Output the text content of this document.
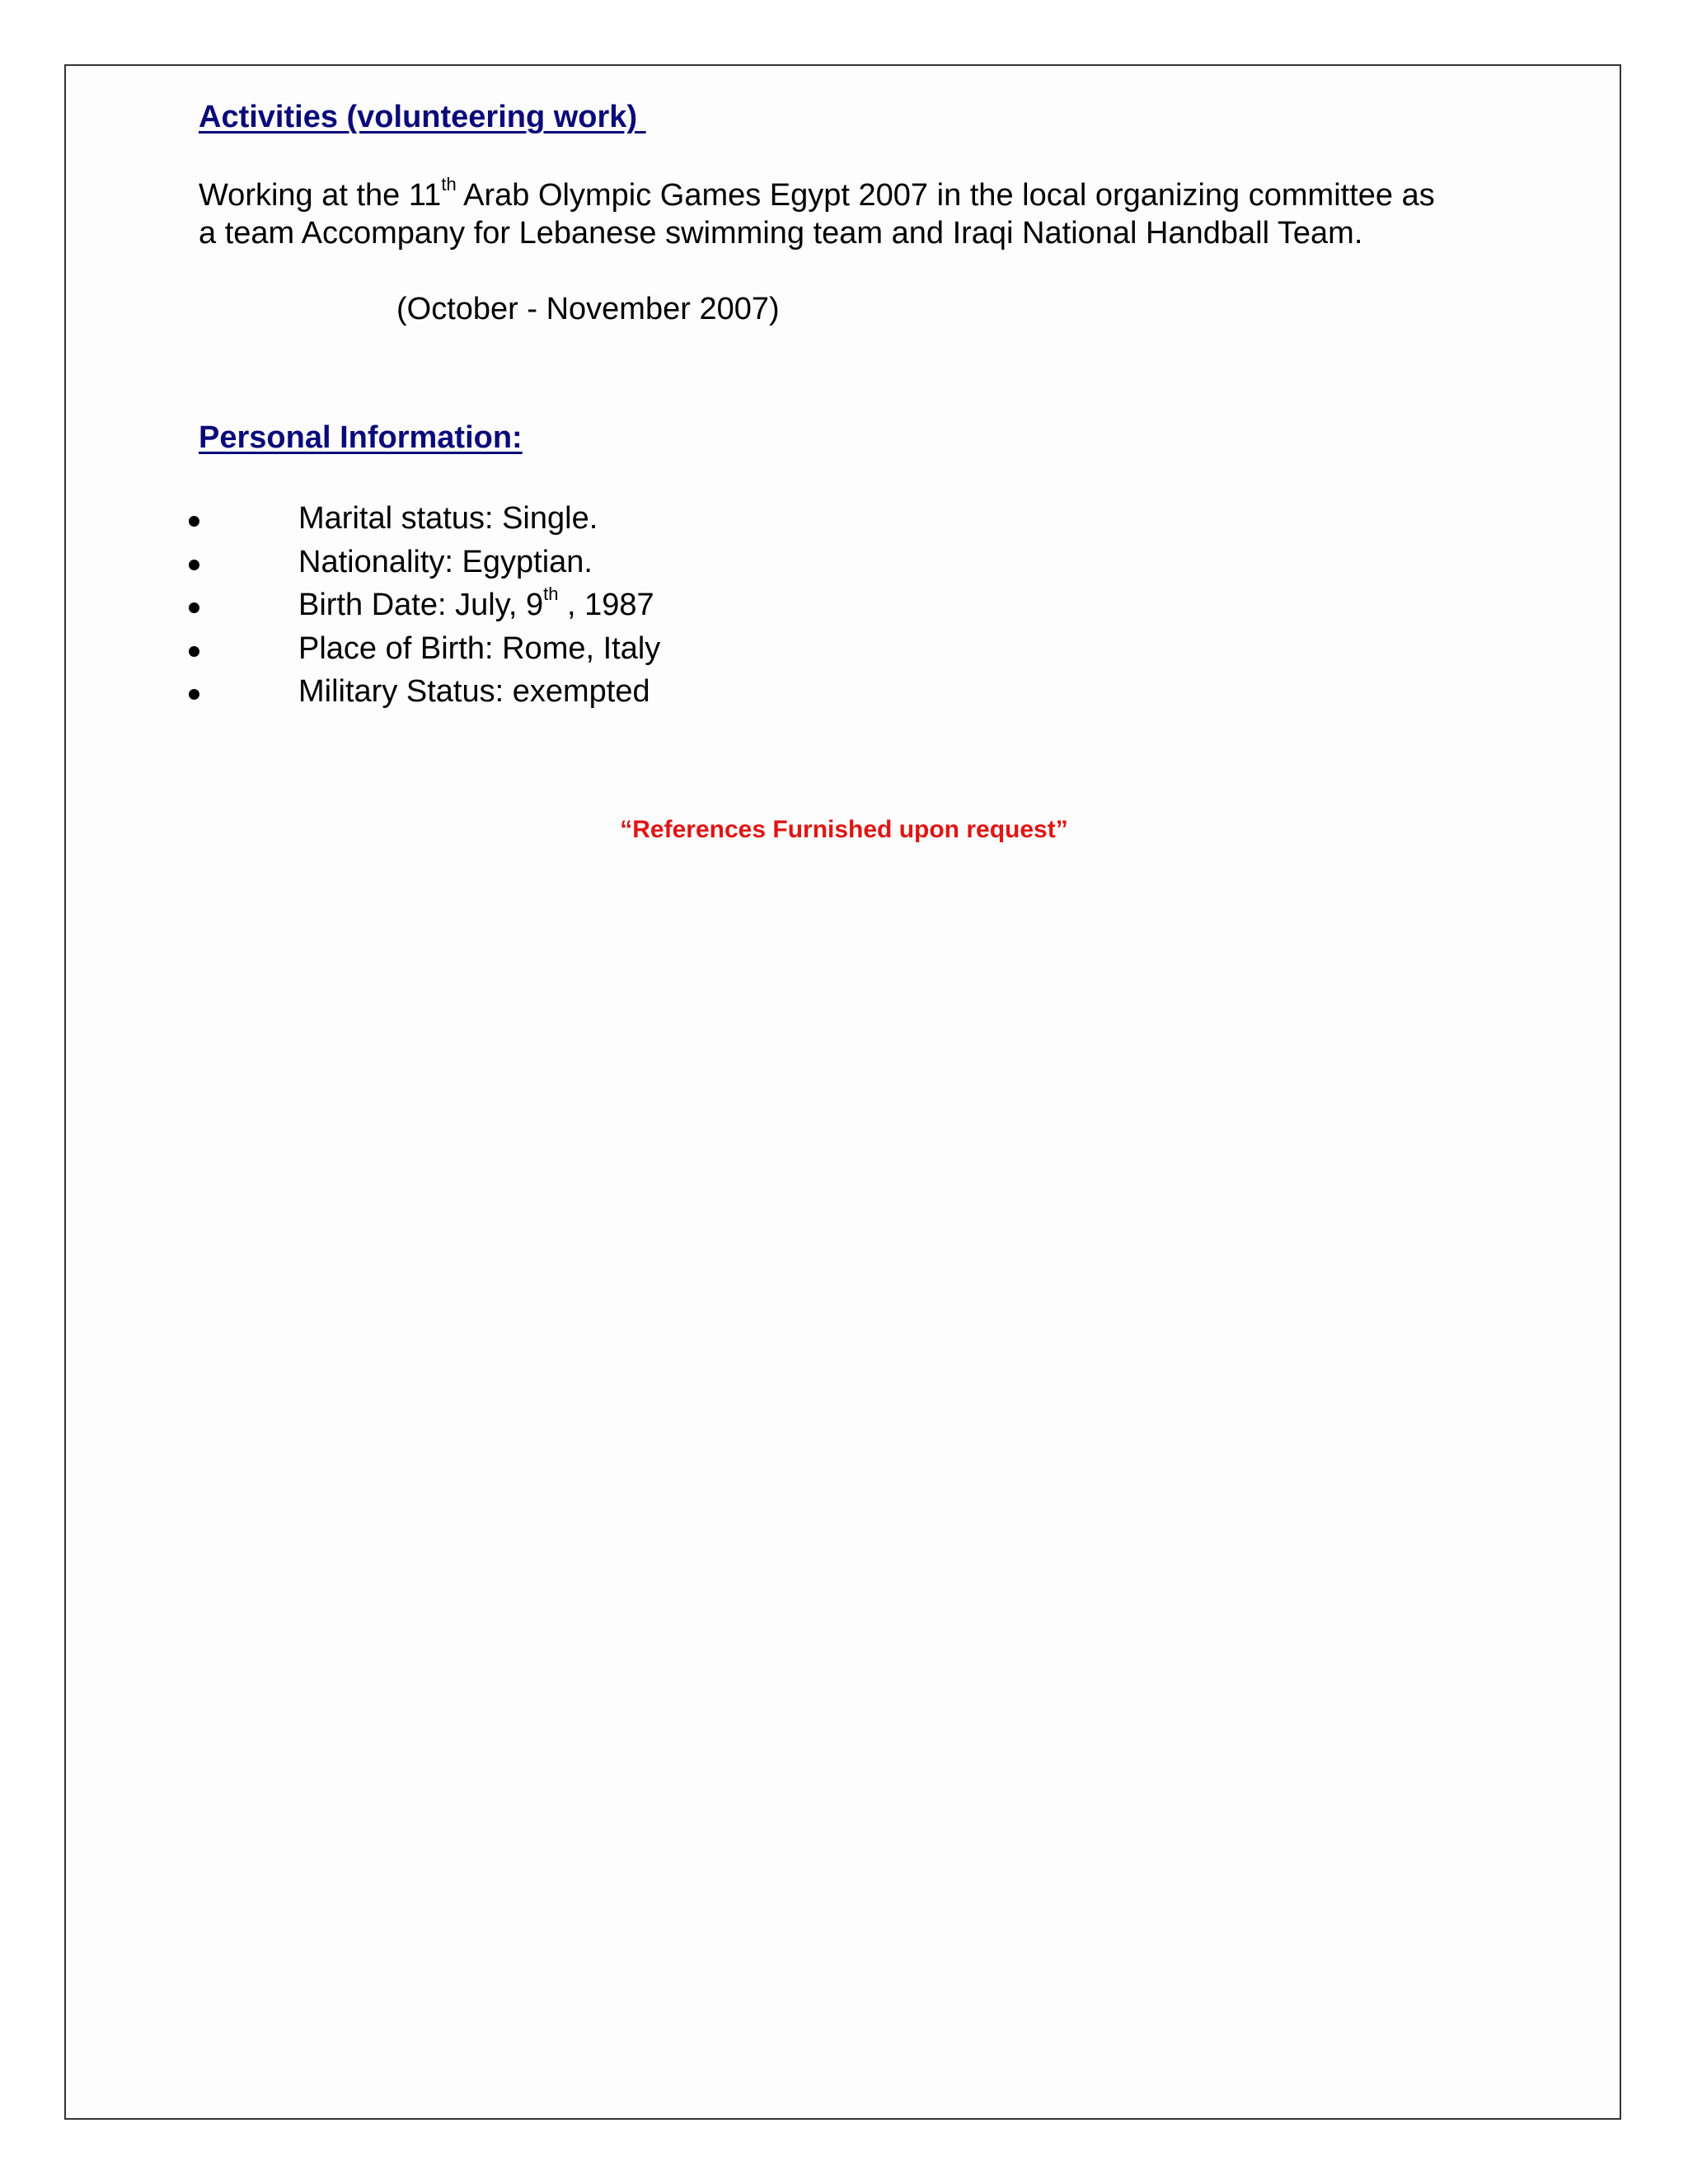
Activities (volunteering work)

Working at the 11th Arab Olympic Games Egypt 2007 in the local organizing committee as a team Accompany for Lebanese swimming team and Iraqi National Handball Team.

(October - November 2007)
Personal Information:
Marital status: Single.
Nationality: Egyptian.
Birth Date: July, 9th , 1987
Place of Birth: Rome, Italy
Military Status: exempted
“References Furnished upon request”
